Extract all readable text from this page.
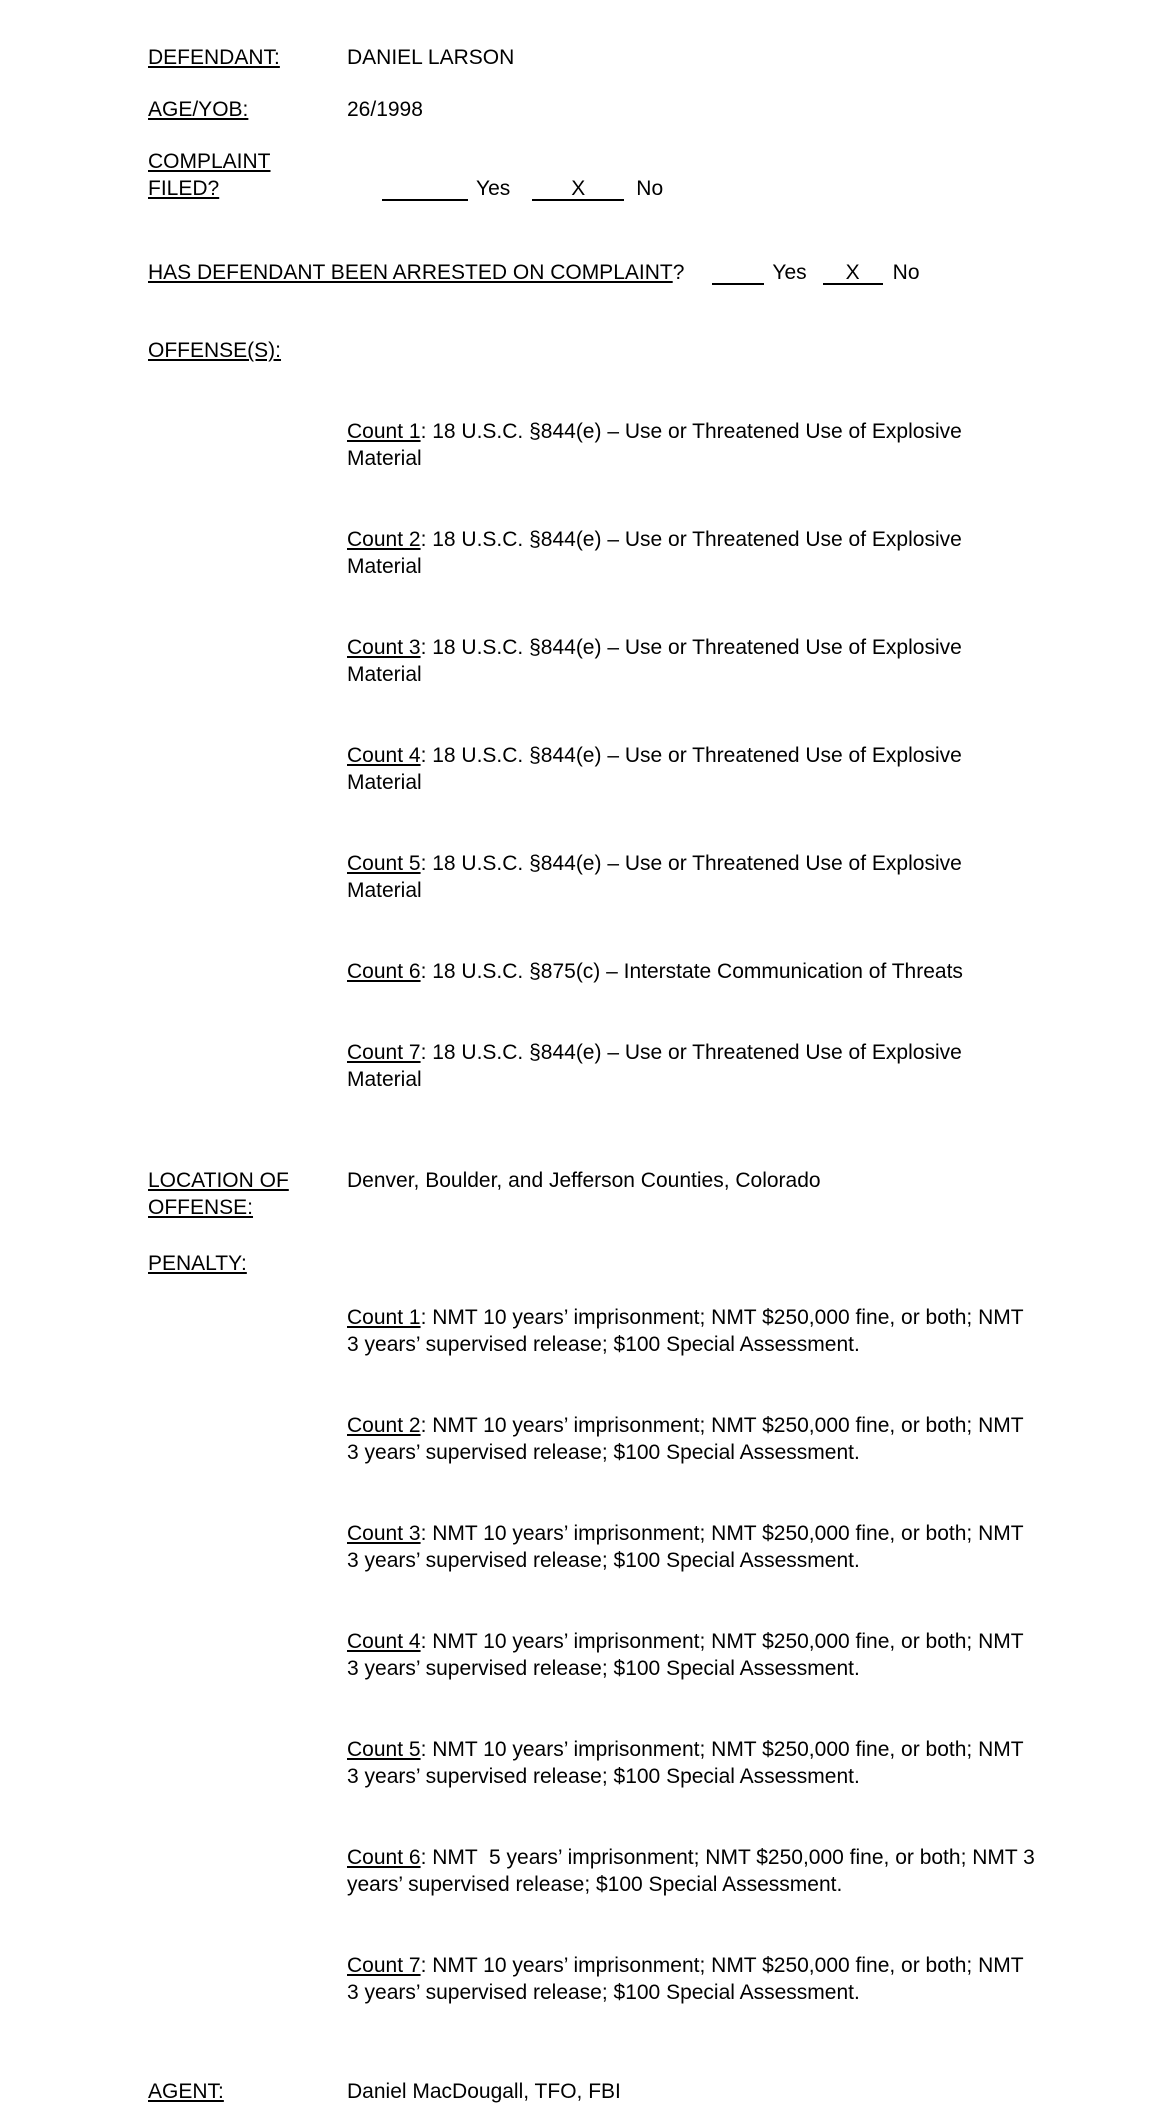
DEFENDANT:	DANIEL LARSON
AGE/YOB:	26/1998
COMPLAINT FILED?	Yes	X No

HAS DEFENDANT BEEN ARRESTED ON COMPLAINT?	Yes X No
OFFENSE(S):

Count 1: 18 U.S.C. §844(e) – Use or Threatened Use of Explosive Material

Count 2: 18 U.S.C. §844(e) – Use or Threatened Use of Explosive Material

Count 3: 18 U.S.C. §844(e) – Use or Threatened Use of Explosive Material

Count 4: 18 U.S.C. §844(e) – Use or Threatened Use of Explosive Material

Count 5: 18 U.S.C. §844(e) – Use or Threatened Use of Explosive Material

Count 6: 18 U.S.C. §875(c) – Interstate Communication of Threats

Count 7: 18 U.S.C. §844(e) – Use or Threatened Use of Explosive Material

LOCATION OF OFFENSE:
Denver, Boulder, and Jefferson Counties, Colorado
PENALTY:

Count 1: NMT 10 years’ imprisonment; NMT $250,000 fine, or both; NMT 3 years’ supervised release; $100 Special Assessment.

Count 2: NMT 10 years’ imprisonment; NMT $250,000 fine, or both; NMT 3 years’ supervised release; $100 Special Assessment.

Count 3: NMT 10 years’ imprisonment; NMT $250,000 fine, or both; NMT 3 years’ supervised release; $100 Special Assessment.

Count 4: NMT 10 years’ imprisonment; NMT $250,000 fine, or both; NMT 3 years’ supervised release; $100 Special Assessment.

Count 5: NMT 10 years’ imprisonment; NMT $250,000 fine, or both; NMT 3 years’ supervised release; $100 Special Assessment.

Count 6: NMT  5 years’ imprisonment; NMT $250,000 fine, or both; NMT 3 years’ supervised release; $100 Special Assessment.

Count 7: NMT 10 years’ imprisonment; NMT $250,000 fine, or both; NMT 3 years’ supervised release; $100 Special Assessment.

AGENT:	Daniel MacDougall, TFO, FBI
